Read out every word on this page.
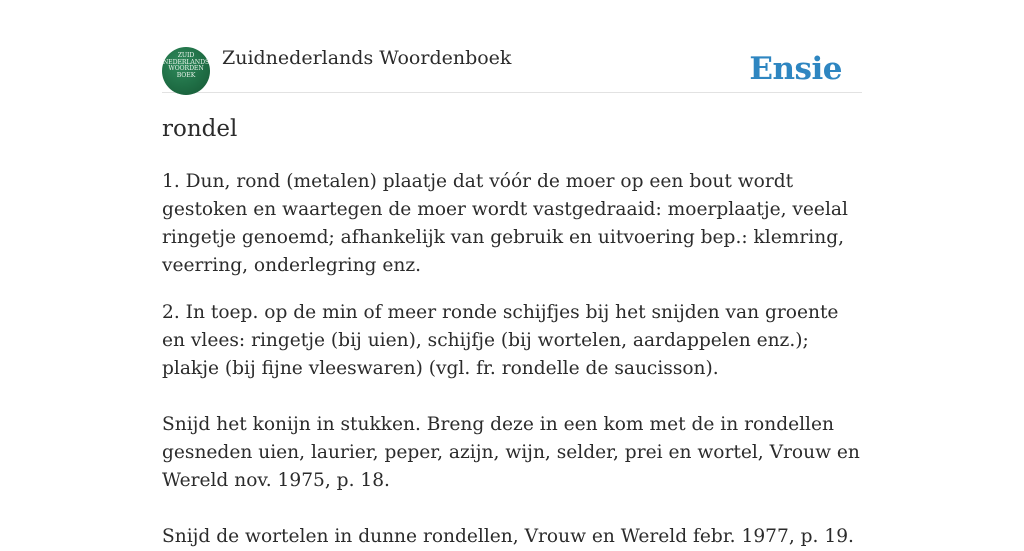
ZUID
NEDERLANDS
WOORDEN
BOEK
Zuidnederlands Woordenboek	Ensie
rondel

1. Dun, rond (metalen) plaatje dat vóór de moer op een bout wordt gestoken en waartegen de moer wordt vastgedraaid: moerplaatje, veelal ringetje genoemd; afhankelijk van gebruik en uitvoering bep.: klemring, veerring, onderlegring enz.

2. In toep. op de min of meer ronde schijfjes bij het snijden van groente en vlees: ringetje (bij uien), schijfje (bij wortelen, aardappelen enz.); plakje (bij fijne vleeswaren) (vgl. fr. rondelle de saucisson).

Snijd het konijn in stukken. Breng deze in een kom met de in rondellen gesneden uien, laurier, peper, azijn, wijn, selder, prei en wortel, Vrouw en Wereld nov. 1975, p. 18.

Snijd de wortelen in dunne rondellen, Vrouw en Wereld febr. 1977, p. 19.
